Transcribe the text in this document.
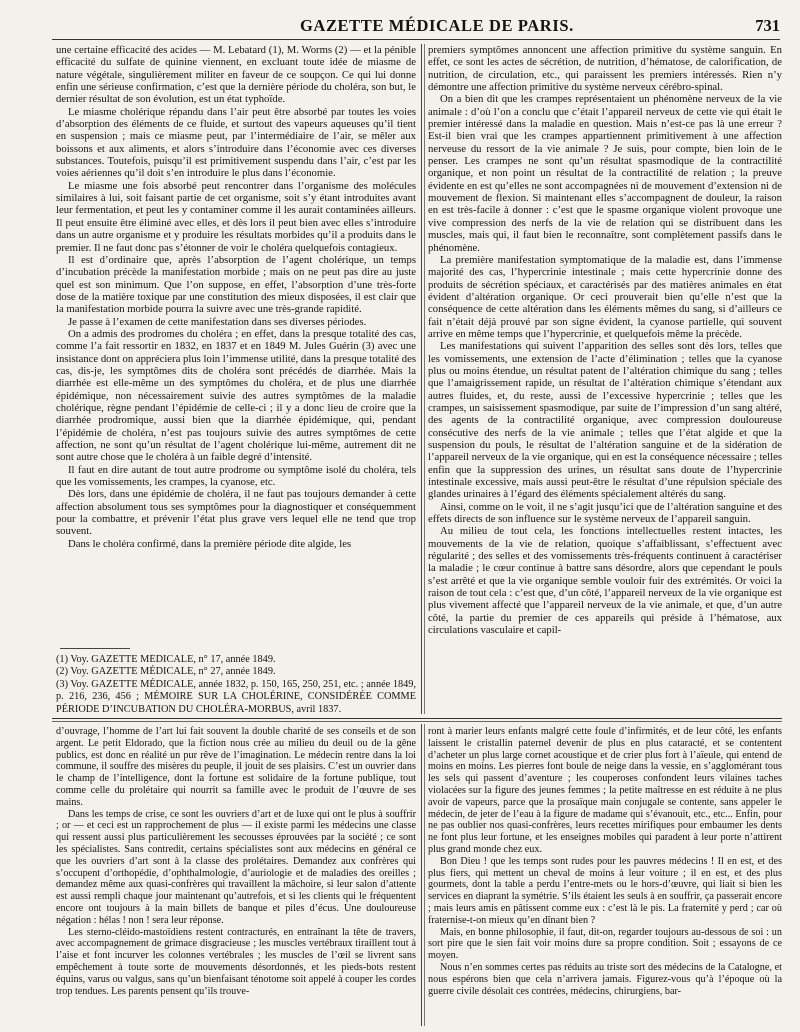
GAZETTE MÉDICALE DE PARIS.	731

une certaine efficacité des acides — M. Lebatard (1), M. Worms (2) — et la pénible efficacité du sulfate de quinine viennent, en excluant toute idée de miasme de nature végétale, singulièrement militer en faveur de ce soupçon. Ce qui lui donne enfin une sérieuse confirmation, c’est que la dernière période du choléra, son but, le dernier résultat de son évolution, est un état typhoïde.

Le miasme cholérique répandu dans l’air peut être absorbé par toutes les voies d’absorption des éléments de ce fluide, et surtout des vapeurs aqueuses qu’il tient en suspension ; mais ce miasme peut, par l’intermédiaire de l’air, se mêler aux boissons et aux aliments, et alors s’introduire dans l’économie avec ces diverses substances. Toutefois, puisqu’il est primitivement suspendu dans l’air, c’est par les voies aériennes qu’il doit s’en introduire le plus dans l’économie.

Le miasme une fois absorbé peut rencontrer dans l’organisme des molécules similaires à lui, soit faisant partie de cet organisme, soit s’y étant introduites avant leur fermentation, et peut les y contaminer comme il les aurait contaminées ailleurs. Il peut ensuite être éliminé avec elles, et dès lors il peut bien avec elles s’introduire dans un autre organisme et y produire les résultats morbides qu’il a produits dans le premier. Il ne faut donc pas s’étonner de voir le choléra quelquefois contagieux.

Il est d’ordinaire que, après l’absorption de l’agent cholérique, un temps d’incubation précède la manifestation morbide ; mais on ne peut pas dire au juste quel est son minimum. Que l’on suppose, en effet, l’absorption d’une très-forte dose de la matière toxique par une constitution des mieux disposées, il est clair que la manifestation morbide pourra la suivre avec une très-grande rapidité.

Je passe à l’examen de cette manifestation dans ses diverses périodes.

On a admis des prodromes du choléra ; en effet, dans la presque totalité des cas, comme l’a fait ressortir en 1832, en 1837 et en 1849 M. Jules Guérin (3) avec une insistance dont on appréciera plus loin l’immense utilité, dans la presque totalité des cas, dis-je, les symptômes dits de choléra sont précédés de diarrhée. Mais la diarrhée est elle-même un des symptômes du choléra, et de plus une diarrhée épidémique, non nécessairement suivie des autres symptômes de la maladie cholérique, règne pendant l’épidémie de celle-ci ; il y a donc lieu de croire que la diarrhée prodromique, aussi bien que la diarrhée épidémique, qui, pendant l’épidémie de choléra, n’est pas toujours suivie des autres symptômes de cette affection, ne sont qu’un résultat de l’agent cholérique lui-même, autrement dit ne sont autre chose que le choléra à un faible degré d’intensité.

Il faut en dire autant de tout autre prodrome ou symptôme isolé du choléra, tels que les vomissements, les crampes, la cyanose, etc.

Dès lors, dans une épidémie de choléra, il ne faut pas toujours demander à cette affection absolument tous ses symptômes pour la diagnostiquer et conséquemment pour la combattre, et prévenir l’état plus grave vers lequel elle ne tend que trop souvent.

Dans le choléra confirmé, dans la première période dite algide, les

(1) Voy. GAZETTE MÉDICALE, n° 17, année 1849.

(2) Voy. GAZETTE MÉDICALE, n° 27, année 1849.

(3) Voy. GAZETTE MÉDICALE, année 1832, p. 150, 165, 250, 251, etc. ; année 1849, p. 216, 236, 456 ; MÉMOIRE SUR LA CHOLÉRINE, CONSIDÉRÉE COMME PÉRIODE D’INCUBATION DU CHOLÉRA-MORBUS, avril 1837.

premiers symptômes annoncent une affection primitive du système sanguin. En effet, ce sont les actes de sécrétion, de nutrition, d’hématose, de calorification, de nutrition, de circulation, etc., qui paraissent les premiers intéressés. Rien n’y démontre une affection primitive du système nerveux cérébro-spinal.

On a bien dit que les crampes représentaient un phénomène nerveux de la vie animale : d’où l’on a conclu que c’était l’appareil nerveux de cette vie qui était le premier intéressé dans la maladie en question. Mais n’est-ce pas là une erreur ? Est-il bien vrai que les crampes appartiennent primitivement à une affection nerveuse du ressort de la vie animale ? Je suis, pour compte, bien loin de le penser. Les crampes ne sont qu’un résultat spasmodique de la contractilité organique, et non point un résultat de la contractilité de relation ; la preuve évidente en est qu’elles ne sont accompagnées ni de mouvement d’extension ni de mouvement de flexion. Si maintenant elles s’accompagnent de douleur, la raison en est très-facile à donner : c’est que le spasme organique violent provoque une vive compression des nerfs de la vie de relation qui se distribuent dans les muscles, mais qui, il faut bien le reconnaître, sont complètement passifs dans le phénomène.

La première manifestation symptomatique de la maladie est, dans l’immense majorité des cas, l’hypercrinie intestinale ; mais cette hypercrinie donne des produits de sécrétion spéciaux, et caractérisés par des matières animales en état évident d’altération organique. Or ceci prouverait bien qu’elle n’est que la conséquence de cette altération dans les éléments mêmes du sang, si d’ailleurs ce fait n’était déjà prouvé par son signe évident, la cyanose partielle, qui souvent arrive en même temps que l’hypercrinie, et quelquefois même la précède.

Les manifestations qui suivent l’apparition des selles sont dès lors, telles que les vomissements, une extension de l’acte d’élimination ; telles que la cyanose plus ou moins étendue, un résultat patent de l’altération chimique du sang ; telles que l’amaigrissement rapide, un résultat de l’altération chimique s’étendant aux autres fluides, et, du reste, aussi de l’excessive hypercrinie ; telles que les crampes, un saisissement spasmodique, par suite de l’impression d’un sang altéré, des agents de la contractilité organique, avec compression douloureuse consécutive des nerfs de la vie animale ; telles que l’état algide et que la suspension du pouls, le résultat de l’altération sanguine et de la sidération de l’appareil nerveux de la vie organique, qui en est la conséquence nécessaire ; telles enfin que la suppression des urines, un résultat sans doute de l’hypercrinie intestinale excessive, mais aussi peut-être le résultat d’une répulsion spéciale des glandes urinaires à l’égard des éléments spécialement altérés du sang.

Ainsi, comme on le voit, il ne s’agit jusqu’ici que de l’altération sanguine et des effets directs de son influence sur le système nerveux de l’appareil sanguin.

Au milieu de tout cela, les fonctions intellectuelles restent intactes, les mouvements de la vie de relation, quoique s’affaiblissant, s’effectuent avec régularité ; des selles et des vomissements très-fréquents continuent à caractériser la maladie ; le cœur continue à battre sans désordre, alors que cependant le pouls s’est arrêté et que la vie organique semble vouloir fuir des extrémités. Or voici la raison de tout cela : c’est que, d’un côté, l’appareil nerveux de la vie organique est plus vivement affecté que l’appareil nerveux de la vie animale, et que, d’un autre côté, la partie du premier de ces appareils qui préside à l’hématose, aux circulations vasculaire et capil-

d’ouvrage, l’homme de l’art lui fait souvent la double charité de ses conseils et de son argent. Le petit Eldorado, que la fiction nous crée au milieu du deuil ou de la gêne publics, est donc en réalité un pur rêve de l’imagination. Le médecin rentre dans la loi commune, il souffre des misères du peuple, il jouit de ses plaisirs. C’est un ouvrier dans le champ de l’intelligence, dont la fortune est solidaire de la fortune publique, tout comme celle du prolétaire qui nourrit sa famille avec le produit de l’œuvre de ses mains.

Dans les temps de crise, ce sont les ouvriers d’art et de luxe qui ont le plus à souffrir ; or — et ceci est un rapprochement de plus — il existe parmi les médecins une classe qui ressent aussi plus particulièrement les secousses éprouvées par la société ; ce sont les spécialistes. Sans contredit, certains spécialistes sont aux médecins en général ce que les ouvriers d’art sont à la classe des prolétaires. Demandez aux confrères qui s’occupent d’orthopédie, d’ophthalmologie, d’auriologie et de maladies des oreilles ; demandez même aux quasi-confrères qui travaillent la mâchoire, si leur salon d’attente est aussi rempli chaque jour maintenant qu’autrefois, et si les clients qui le fréquentent encore ont toujours à la main billets de banque et piles d’écus. Une douloureuse négation : hélas ! non ! sera leur réponse.

Les sterno-cléido-mastoïdiens restent contracturés, en entraînant la tête de travers, avec accompagnement de grimace disgracieuse ; les muscles vertébraux tiraillent tout à l’aise et font incurver les colonnes vertébrales ; les muscles de l’œil se livrent sans empêchement à toute sorte de mouvements désordonnés, et les pieds-bots restent équins, varus ou valgus, sans qu’un bienfaisant ténotome soit appelé à couper les cordes trop tendues. Les parents pensent qu’ils trouve-

ront à marier leurs enfants malgré cette foule d’infirmités, et de leur côté, les enfants laissent le cristallin paternel devenir de plus en plus cataracté, et se contentent d’acheter un plus large cornet acoustique et de crier plus fort à l’aïeule, qui entend de moins en moins. Les pierres font boule de neige dans la vessie, en s’agglomérant tous les sels qui passent d’aventure ; les couperoses confondent leurs vilaines taches violacées sur la figure des jeunes femmes ; la petite maîtresse en est réduite à ne plus avoir de vapeurs, parce que la prosaïque main conjugale se contente, sans appeler le médecin, de jeter de l’eau à la figure de madame qui s’évanouit, etc., etc... Enfin, pour ne pas oublier nos quasi-confrères, leurs recettes mirifiques pour embaumer les dents ne font plus leur fortune, et les enseignes mobiles qui paradent à leur porte n’attirent plus grand monde chez eux.

Bon Dieu ! que les temps sont rudes pour les pauvres médecins ! Il en est, et des plus fiers, qui mettent un cheval de moins à leur voiture ; il en est, et des plus gourmets, dont la table a perdu l’entre-mets ou le hors-d’œuvre, qui liait si bien les services en diaprant la symétrie. S’ils étaient les seuls à en souffrir, ça passerait encore ; mais leurs amis en pâtissent comme eux : c’est là le pis. La fraternité y perd ; car où fraternise-t-on mieux qu’en dînant bien ?

Mais, en bonne philosophie, il faut, dit-on, regarder toujours au-dessous de soi : un sort pire que le sien fait voir moins dure sa propre condition. Soit ; essayons de ce moyen.

Nous n’en sommes certes pas réduits au triste sort des médecins de la Catalogne, et nous espérons bien que cela n’arrivera jamais. Figurez-vous qu’à l’époque où la guerre civile désolait ces contrées, médecins, chirurgiens, bar-
